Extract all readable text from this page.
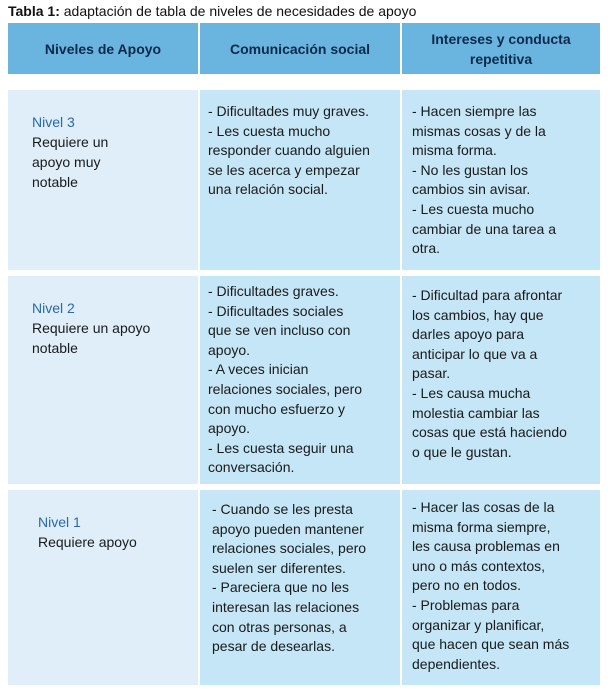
Tabla 1: adaptación de tabla de niveles de necesidades de apoyo
Niveles de Apoyo	Comunicación social
Intereses y conducta
repetitiva
Nivel 3
Requiere un
apoyo muy
notable

- Dificultades muy graves.

- Les cuesta mucho

responder cuando alguien

se les acerca y empezar

una relación social.

- Hacen siempre las

mismas cosas y de la

misma forma.

- No les gustan los

cambios sin avisar.

- Les cuesta mucho

cambiar de una tarea a

otra.

Nivel 2
Requiere un apoyo
notable

- Dificultades graves.

- Dificultades sociales

que se ven incluso con

apoyo.

- A veces inician

relaciones sociales, pero

con mucho esfuerzo y

apoyo.

- Les cuesta seguir una

conversación.

- Dificultad para afrontar

los cambios, hay que

darles apoyo para

anticipar lo que va a

pasar.

- Les causa mucha

molestia cambiar las

cosas que está haciendo

o que le gustan.

Nivel 1
Requiere apoyo

- Cuando se les presta

apoyo pueden mantener

relaciones sociales, pero

suelen ser diferentes.

- Pareciera que no les

interesan las relaciones

con otras personas, a

pesar de desearlas.

- Hacer las cosas de la

misma forma siempre,

les causa problemas en

uno o más contextos,

pero no en todos.

- Problemas para

organizar y planificar,

que hacen que sean más

dependientes.
